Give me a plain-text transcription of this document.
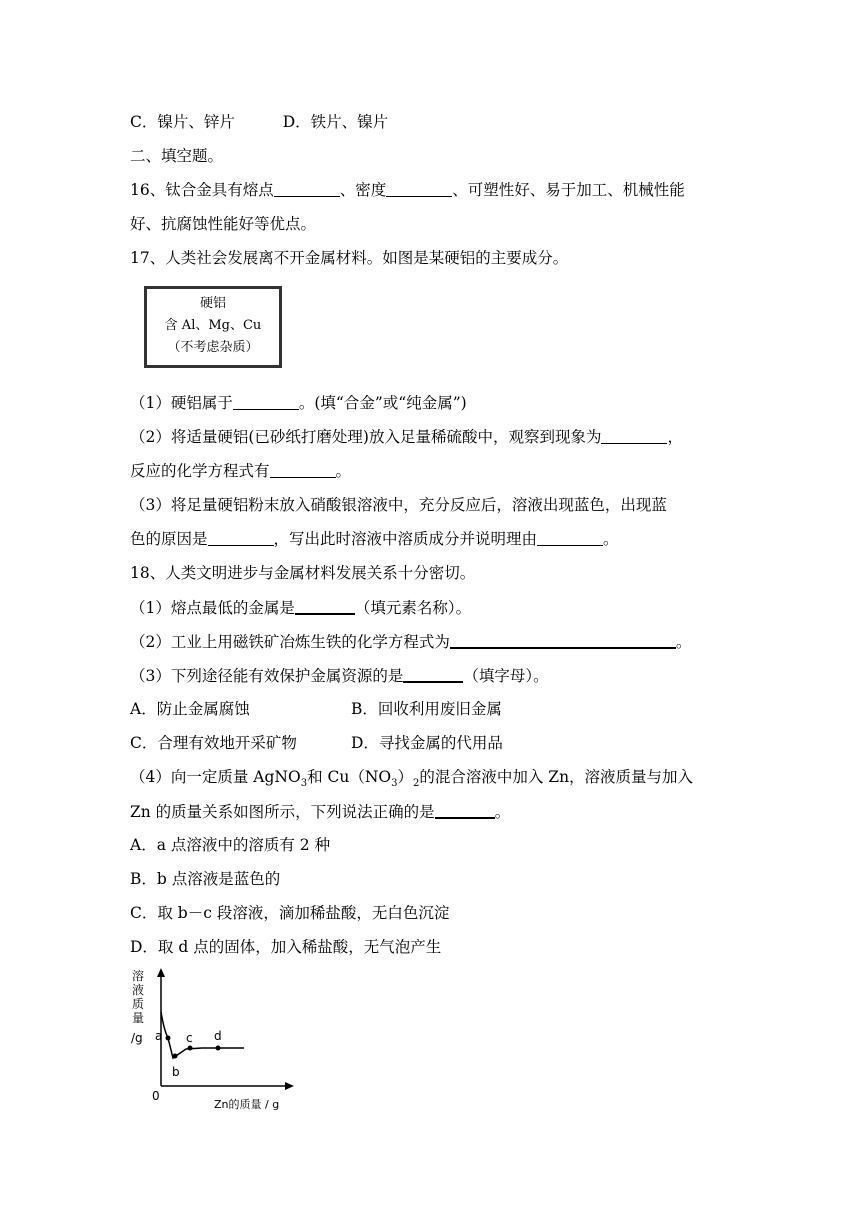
C．镍片、锌片	D．铁片、镍片
二、填空题。
16、钛合金具有熔点	、密度	、可塑性好、易于加工、机械性能
好、抗腐蚀性能好等优点。
17、人类社会发展离不开金属材料。如图是某硬铝的主要成分。
硬铝
含 Al、Mg、Cu
（不考虑杂质）
（1）硬铝属于	。(填“合金”或“纯金属”)
（2）将适量硬铝(已砂纸打磨处理)放入足量稀硫酸中，观察到现象为	，
反应的化学方程式有	。
（3）将足量硬铝粉末放入硝酸银溶液中，充分反应后，溶液出现蓝色，出现蓝
色的原因是	，写出此时溶液中溶质成分并说明理由	。
18、人类文明进步与金属材料发展关系十分密切。
（1）熔点最低的金属是	（填元素名称）。
（2）工业上用磁铁矿冶炼生铁的化学方程式为	。
（3）下列途径能有效保护金属资源的是	（填字母）。
A．防止金属腐蚀	B．回收利用废旧金属
C．合理有效地开采矿物	D．寻找金属的代用品
（4）向一定质量 AgNO$_3$和 $Cu(NO_3)_2$的混合溶液中加入 Zn，溶液质量与加入
Zn 的质量关系如图所示，下列说法正确的是	。
A．a 点溶液中的溶质有 2 种
B．b 点溶液是蓝色的
C．取 b－c 段溶液，滴加稀盐酸，无白色沉淀
D．取 d 点的固体，加入稀盐酸，无气泡产生
溶
液
质
量
/g
0
Zn的质量 / g
a
b
c d
